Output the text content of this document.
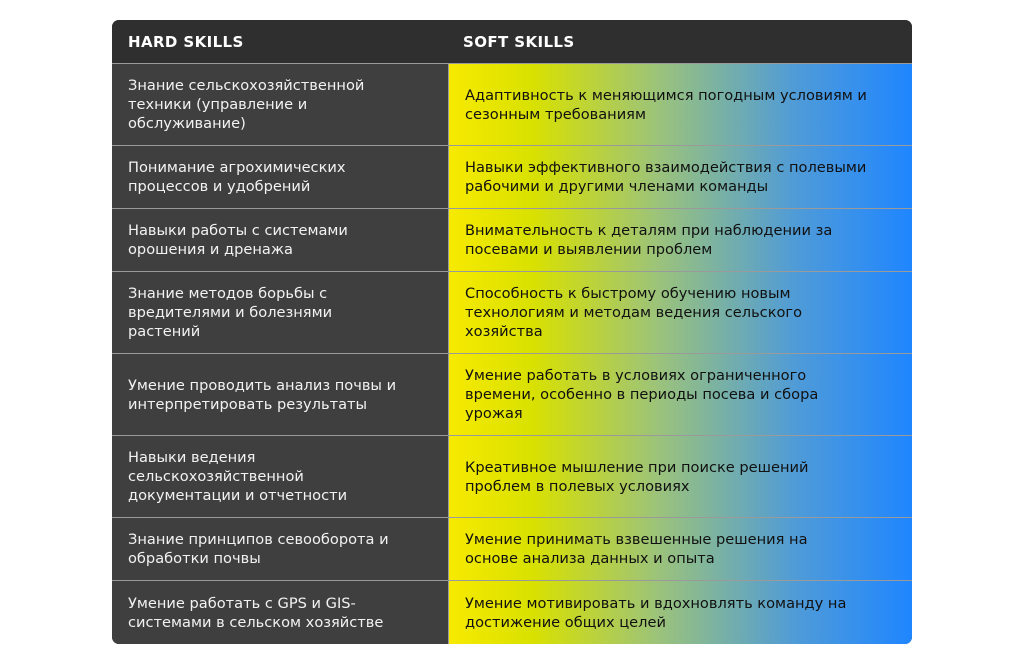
HARD SKILLS	SOFT SKILLS
Знание сельскохозяйственной техники (управление и обслуживание)
Адаптивность к меняющимся погодным условиям и сезонным требованиям
Понимание агрохимических процессов и удобрений
Навыки эффективного взаимодействия с полевыми рабочими и другими членами команды
Навыки работы с системами орошения и дренажа
Внимательность к деталям при наблюдении за посевами и выявлении проблем
Знание методов борьбы с вредителями и болезнями растений
Способность к быстрому обучению новым технологиям и методам ведения сельского хозяйства
Умение проводить анализ почвы и интерпретировать результаты
Умение работать в условиях ограниченного времени, особенно в периоды посева и сбора урожая
Навыки ведения сельскохозяйственной документации и отчетности
Креативное мышление при поиске решений проблем в полевых условиях
Знание принципов севооборота и обработки почвы
Умение принимать взвешенные решения на основе анализа данных и опыта
Умение работать с GPS и GIS-системами в сельском хозяйстве
Умение мотивировать и вдохновлять команду на достижение общих целей
